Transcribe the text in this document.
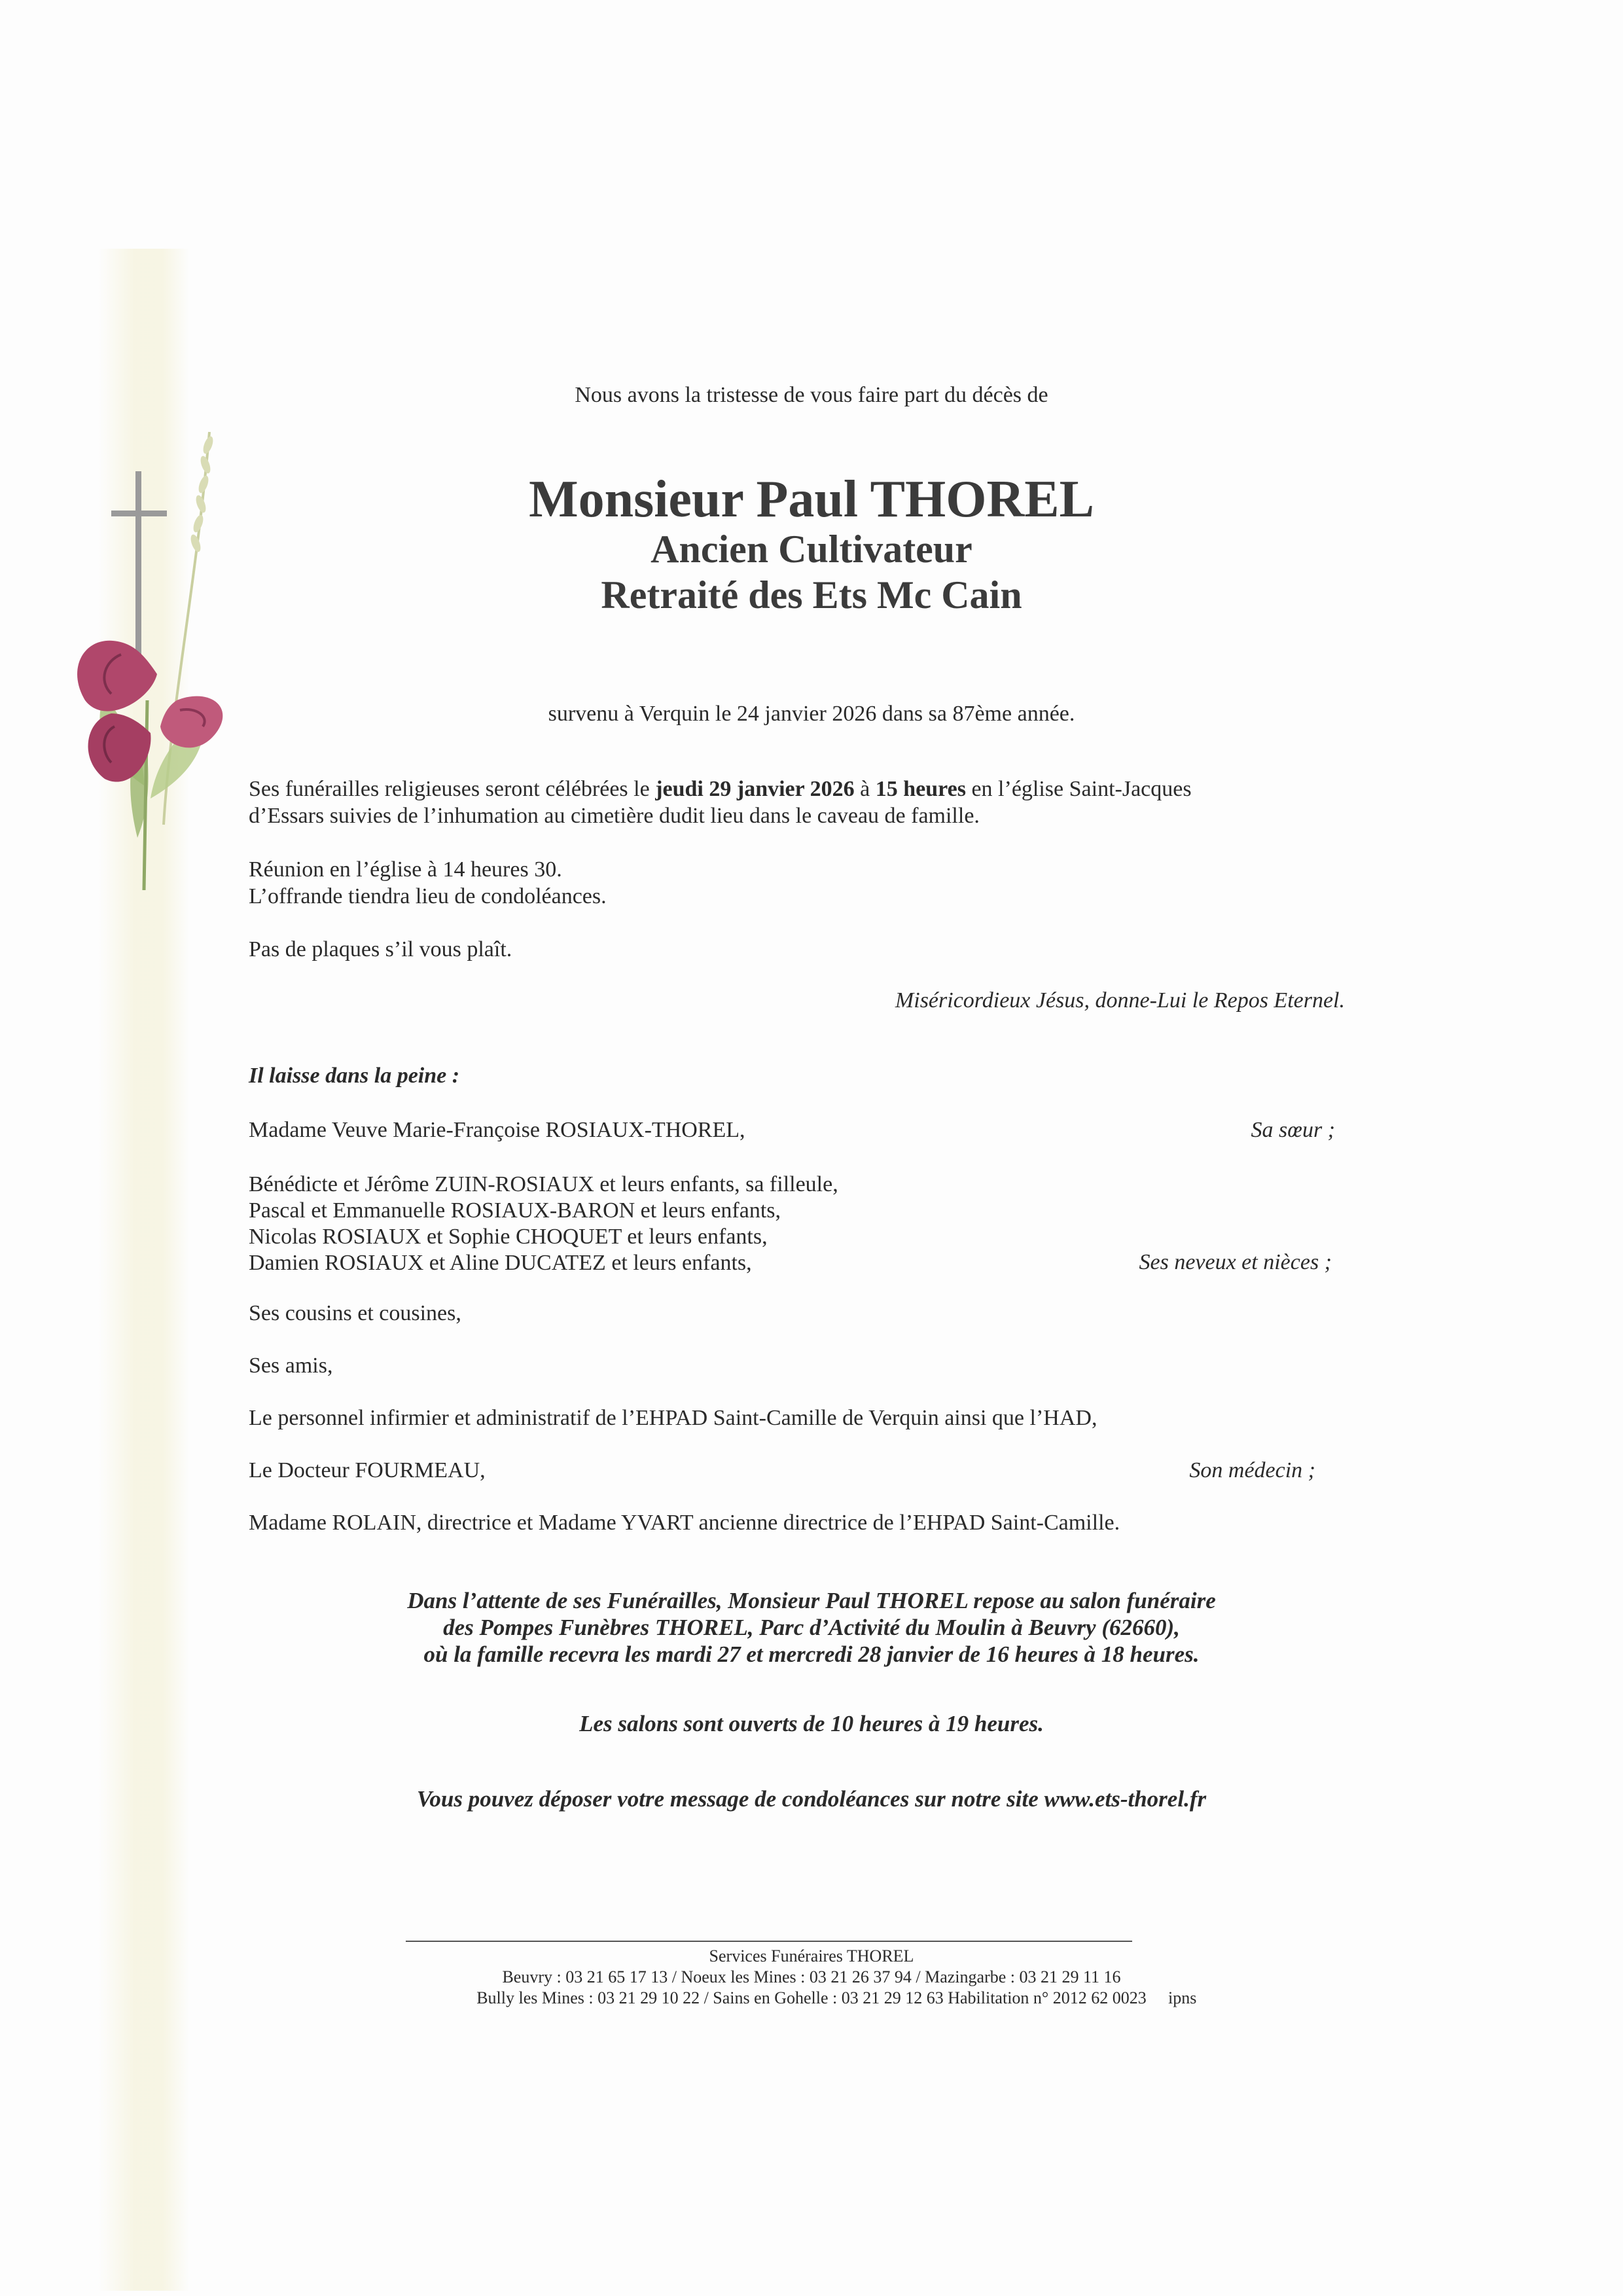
Nous avons la tristesse de vous faire part du décès de
Monsieur Paul THOREL
Ancien Cultivateur
Retraité des Ets Mc Cain
survenu à Verquin le 24 janvier 2026 dans sa 87ème année.
Ses funérailles religieuses seront célébrées le jeudi 29 janvier 2026 à 15 heures en l’église Saint-Jacques
d’Essars suivies de l’inhumation au cimetière dudit lieu dans le caveau de famille.
Réunion en l’église à 14 heures 30.
L’offrande tiendra lieu de condoléances.
Pas de plaques s’il vous plaît.
Miséricordieux Jésus, donne-Lui le Repos Eternel.
Il laisse dans la peine :
Madame Veuve Marie-Françoise ROSIAUX-THOREL,	Sa sœur ;
Bénédicte et Jérôme ZUIN-ROSIAUX et leurs enfants, sa filleule,
Pascal et Emmanuelle ROSIAUX-BARON et leurs enfants,
Nicolas ROSIAUX et Sophie CHOQUET et leurs enfants,
Damien ROSIAUX et Aline DUCATEZ et leurs enfants,	Ses neveux et nièces ;
Ses cousins et cousines,
Ses amis,
Le personnel infirmier et administratif de l’EHPAD Saint-Camille de Verquin ainsi que l’HAD,
Le Docteur FOURMEAU,	Son médecin ;
Madame ROLAIN, directrice et Madame YVART ancienne directrice de l’EHPAD Saint-Camille.
Dans l’attente de ses Funérailles, Monsieur Paul THOREL repose au salon funéraire
des Pompes Funèbres THOREL, Parc d’Activité du Moulin à Beuvry (62660),
où la famille recevra les mardi 27 et mercredi 28 janvier de 16 heures à 18 heures.
Les salons sont ouverts de 10 heures à 19 heures.
Vous pouvez déposer votre message de condoléances sur notre site www.ets-thorel.fr
Services Funéraires THOREL
Beuvry : 03 21 65 17 13 / Noeux les Mines : 03 21 26 37 94 / Mazingarbe : 03 21 29 11 16
Bully les Mines : 03 21 29 10 22 / Sains en Gohelle : 03 21 29 12 63 Habilitation n° 2012 62 0023	ipns
